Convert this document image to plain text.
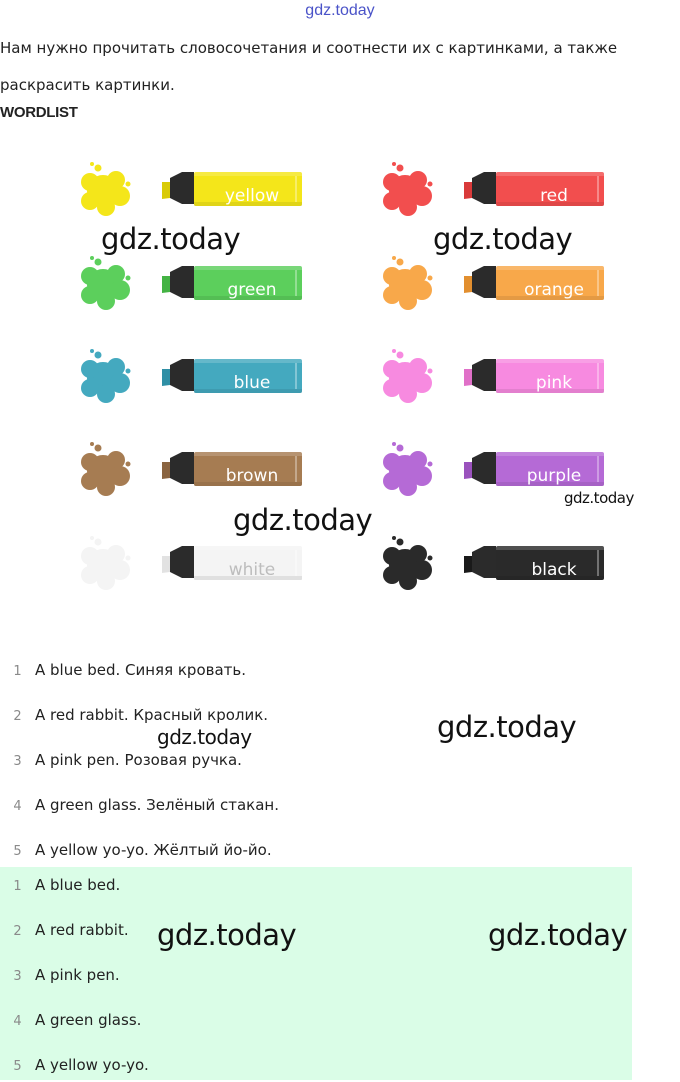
gdz.today
Нам нужно прочитать словосочетания и соотнести их с картинками, а также раскрасить картинки.
WORDLIST
yellow	red
green	orange
blue	pink
brown	purple
white	black
gdz.today	gdz.today
gdz.today
gdz.today
1 A blue bed. Синяя кровать.
2 A red rabbit. Красный кролик.
3 A pink pen. Розовая ручка.
4 A green glass. Зелёный стакан.
5 A yellow yo-yo. Жёлтый йо-йо.
gdz.today	gdz.today
1 A blue bed.
2 A red rabbit.
3 A pink pen.
4 A green glass.
5 A yellow yo-yo.
gdz.today	gdz.today
